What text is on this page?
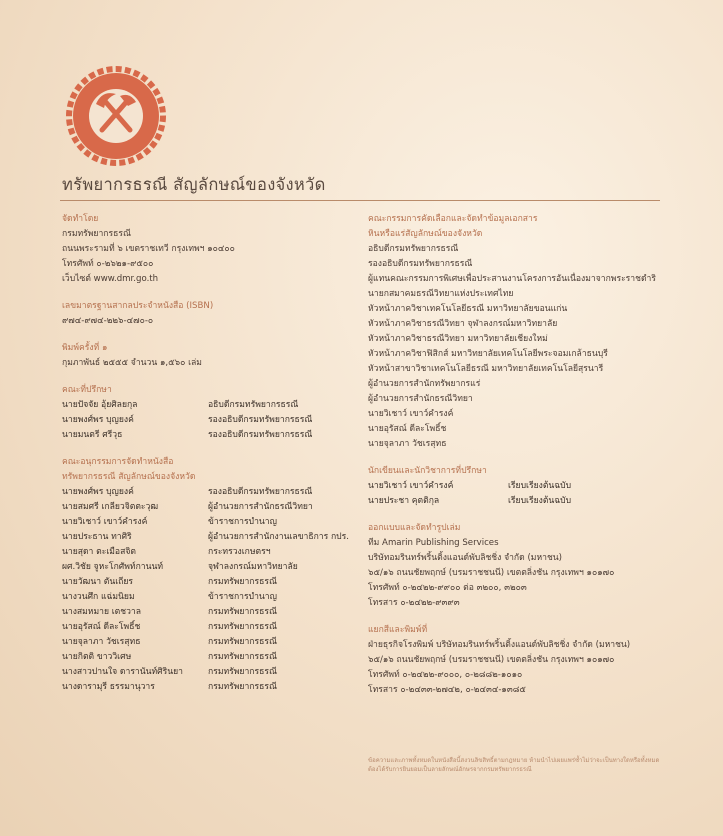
ทรัพยากรธรณี สัญลักษณ์ของจังหวัด
จัดทำโดย
กรมทรัพยากรธรณี
ถนนพระรามที่ ๖ เขตราชเทวี กรุงเทพฯ ๑๐๔๐๐
โทรศัพท์ ๐-๒๖๒๑-๙๕๐๐
เว็บไซต์ www.dmr.go.th
เลขมาตรฐานสากลประจำหนังสือ (ISBN)
๙๗๔-๙๗๔-๒๒๖-๔๗๐-๐
พิมพ์ครั้งที่ ๑
กุมภาพันธ์ ๒๕๕๕ จำนวน ๑,๕๖๐ เล่ม
คณะที่ปรึกษา
นายปัจจัย อุ้ยศิลยกุล	อธิบดีกรมทรัพยากรธรณี
นายพงศ์พร บุญยงค์	รองอธิบดีกรมทรัพยากรธรณี
นายมนตรี ศรีวุธ	รองอธิบดีกรมทรัพยากรธรณี
คณะอนุกรรมการจัดทำหนังสือ
ทรัพยากรธรณี สัญลักษณ์ของจังหวัด
นายพงศ์พร บุญยงค์	รองอธิบดีกรมทรัพยากรธรณี
นายสมศรี เกลียวจิตตะวุฒ	ผู้อำนวยการสำนักธรณีวิทยา
นายวิเชาว์ เขาว์คำรงค์	ข้าราชการบำนาญ
นายประธาน ทาศิริ	ผู้อำนวยการสำนักงานเลขาธิการ กปร.
นายสุดา ตะเมือสจิต	กระทรวงเกษตรฯ
ผศ.วิชัย จูหะโกศัพท์กานนท์	จุฬาลงกรณ์มหาวิทยาลัย
นายวัฒนา ตันเถียร	กรมทรัพยากรธรณี
นางวนศึก แฉ่มนิยม	ข้าราชการบำนาญ
นางสมหมาย เตชวาล	กรมทรัพยากรธรณี
นายอุรัสณ์ ดีละโพธิ์ช	กรมทรัพยากรธรณี
นายจุลาภา วัชเรสุทธ	กรมทรัพยากรธรณี
นายกิตติ ขาววิเศษ	กรมทรัพยากรธรณี
นางสาวปานใจ ดารานันท์ศิรินยา	กรมทรัพยากรธรณี
นางดารามุรี ธรรมานุวาร	กรมทรัพยากรธรณี
คณะกรรมการคัดเลือกและจัดทำข้อมูลเอกสาร
หินหรือแร่สัญลักษณ์ของจังหวัด
อธิบดีกรมทรัพยากรธรณี
รองอธิบดีกรมทรัพยากรธรณี
ผู้แทนคณะกรรมการพิเศษเพื่อประสานงานโครงการอันเนื่องมาจากพระราชดำริ
นายกสมาคมธรณีวิทยาแห่งประเทศไทย
หัวหน้าภาควิชาเทคโนโลยีธรณี มหาวิทยาลัยขอนแก่น
หัวหน้าภาควิชาธรณีวิทยา จุฬาลงกรณ์มหาวิทยาลัย
หัวหน้าภาควิชาธรณีวิทยา มหาวิทยาลัยเชียงใหม่
หัวหน้าภาควิชาฟิสิกส์ มหาวิทยาลัยเทคโนโลยีพระจอมเกล้าธนบุรี
หัวหน้าสาขาวิชาเทคโนโลยีธรณี มหาวิทยาลัยเทคโนโลยีสุรนารี
ผู้อำนวยการสำนักทรัพยากรแร่
ผู้อำนวยการสำนักธรณีวิทยา
นายวิเชาว์ เขาว์คำรงค์
นายอุรัสณ์ ดีละโพธิ์ช
นายจุลาภา วัชเรสุทธ
นักเขียนและนักวิชาการที่ปรึกษา
นายวิเชาว์ เขาว์คำรงค์	เรียบเรียงต้นฉบับ
นายประชา คุตติกุล	เรียบเรียงต้นฉบับ
ออกแบบและจัดทำรูปเล่ม
ทีม Amarin Publishing Services
บริษัทอมรินทร์พริ้นติ้งแอนด์พับลิชชิ่ง จำกัด (มหาชน)
๖๕/๑๖ ถนนชัยพฤกษ์ (บรมราชชนนี) เขตตลิ่งชัน กรุงเทพฯ ๑๐๑๗๐
โทรศัพท์ ๐-๒๔๒๒-๙๙๐๐ ต่อ ๓๒๐๐, ๓๒๐๓
โทรสาร ๐-๒๔๒๒-๙๓๙๓
แยกสีและพิมพ์ที่
ฝ่ายธุรกิจโรงพิมพ์ บริษัทอมรินทร์พริ้นติ้งแอนด์พับลิชชิ่ง จำกัด (มหาชน)
๖๕/๑๖ ถนนชัยพฤกษ์ (บรมราชชนนี) เขตตลิ่งชัน กรุงเทพฯ ๑๐๑๗๐
โทรศัพท์ ๐-๒๔๒๒-๙๐๐๐, ๐-๒๘๘๒-๑๐๑๐
โทรสาร ๐-๒๔๓๓-๒๗๔๒, ๐-๒๔๓๔-๑๓๘๕
ข้อความและภาพทั้งหมดในหนังสือนี้สงวนลิขสิทธิ์ตามกฎหมาย ห้ามนำไปเผยแพร่ซ้ำไม่ว่าจะเป็นทางใดหรือทั้งหมดต้องได้รับการยินยอมเป็นลายลักษณ์อักษรจากกรมทรัพยากรธรณี
